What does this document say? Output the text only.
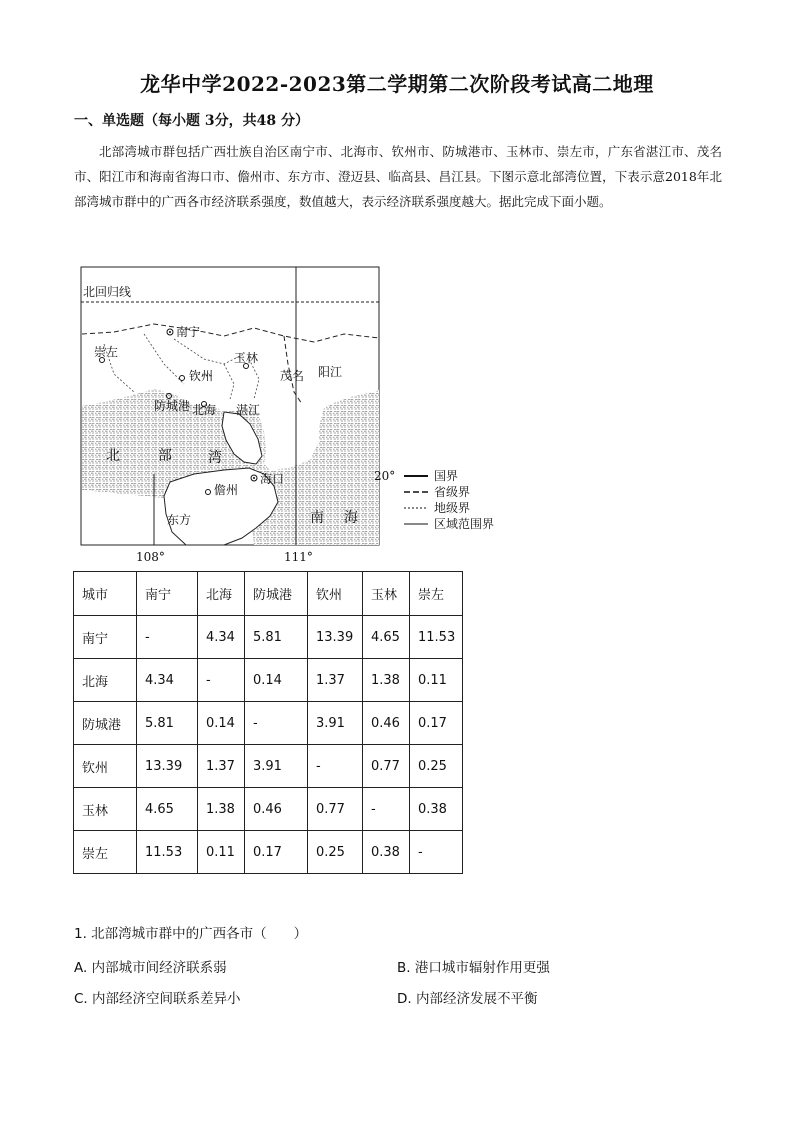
龙华中学2022-2023第二学期第二次阶段考试高二地理
一、单选题（每小题 3分，共48 分）
北部湾城市群包括广西壮族自治区南宁市、北海市、钦州市、防城港市、玉林市、崇左市，广东省湛江市、茂名市、阳江市和海南省海口市、儋州市、东方市、澄迈县、临高县、昌江县。下图示意北部湾位置，下表示意2018年北部湾城市群中的广西各市经济联系强度，数值越大，表示经济联系强度越大。据此完成下面小题。
北回归线
南宁
崇左	玉林
钦州	茂名 阳江
防城港 北海 湛江
海口
儋州
东方
北	部	湾
南 海
108°	111°
20°	国界
省级界
地级界
区域范围界
城市	南宁	北海	防城港	钦州	玉林	崇左
南宁	-	4.34	5.81	13.39	4.65	11.53
北海	4.34	-	0.14	1.37	1.38	0.11
防城港	5.81	0.14	-	3.91	0.46	0.17
钦州	13.39	1.37	3.91	-	0.77	0.25
玉林	4.65	1.38	0.46	0.77	-	0.38
崇左	11.53	0.11	0.17	0.25	0.38	-
1. 北部湾城市群中的广西各市（　　）
A. 内部城市间经济联系弱	B. 港口城市辐射作用更强
C. 内部经济空间联系差异小	D. 内部经济发展不平衡
